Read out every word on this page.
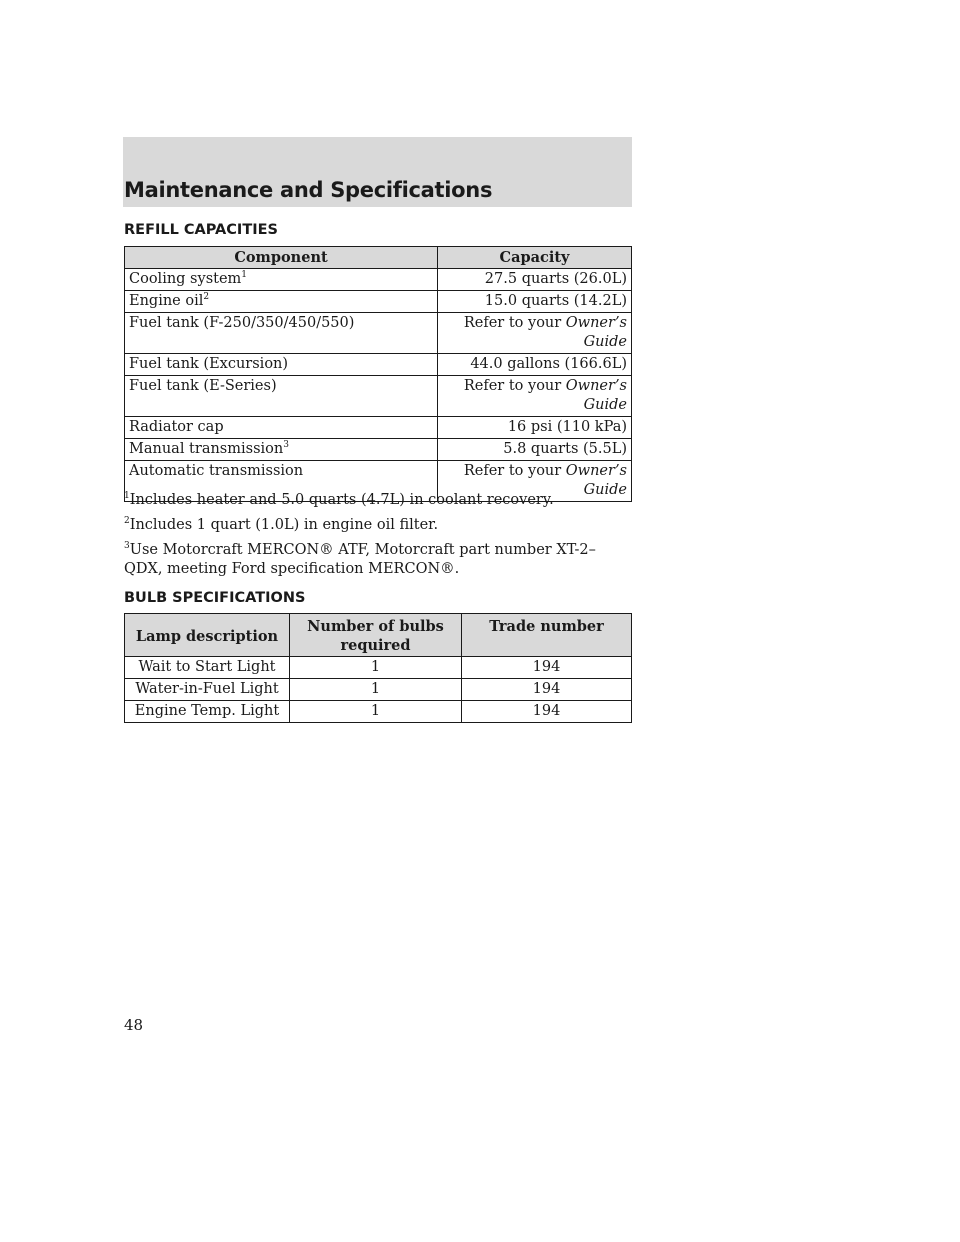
Maintenance and Specifications
REFILL CAPACITIES
Component	Capacity
Cooling system$^1$	27.5 quarts (26.0L)
Engine oil$^2$	15.0 quarts (14.2L)
Fuel tank (F-250/350/450/550)	Refer to your Owner’s Guide
Fuel tank (Excursion)	44.0 gallons (166.6L)
Fuel tank (E-Series)	Refer to your Owner’s Guide
Radiator cap	16 psi (110 kPa)
Manual transmission$^3$	5.8 quarts (5.5L)
Automatic transmission	Refer to your Owner’s Guide

$^1$Includes heater and 5.0 quarts (4.7L) in coolant recovery.

$^2$Includes 1 quart (1.0L) in engine oil filter.

$^3$Use Motorcraft MERCON® ATF, Motorcraft part number XT-2–QDX, meeting Ford specification MERCON®.

BULB SPECIFICATIONS
Lamp description	Number of bulbs required	Trade number
Wait to Start Light	1	194
Water-in-Fuel Light	1	194
Engine Temp. Light	1	194
48
